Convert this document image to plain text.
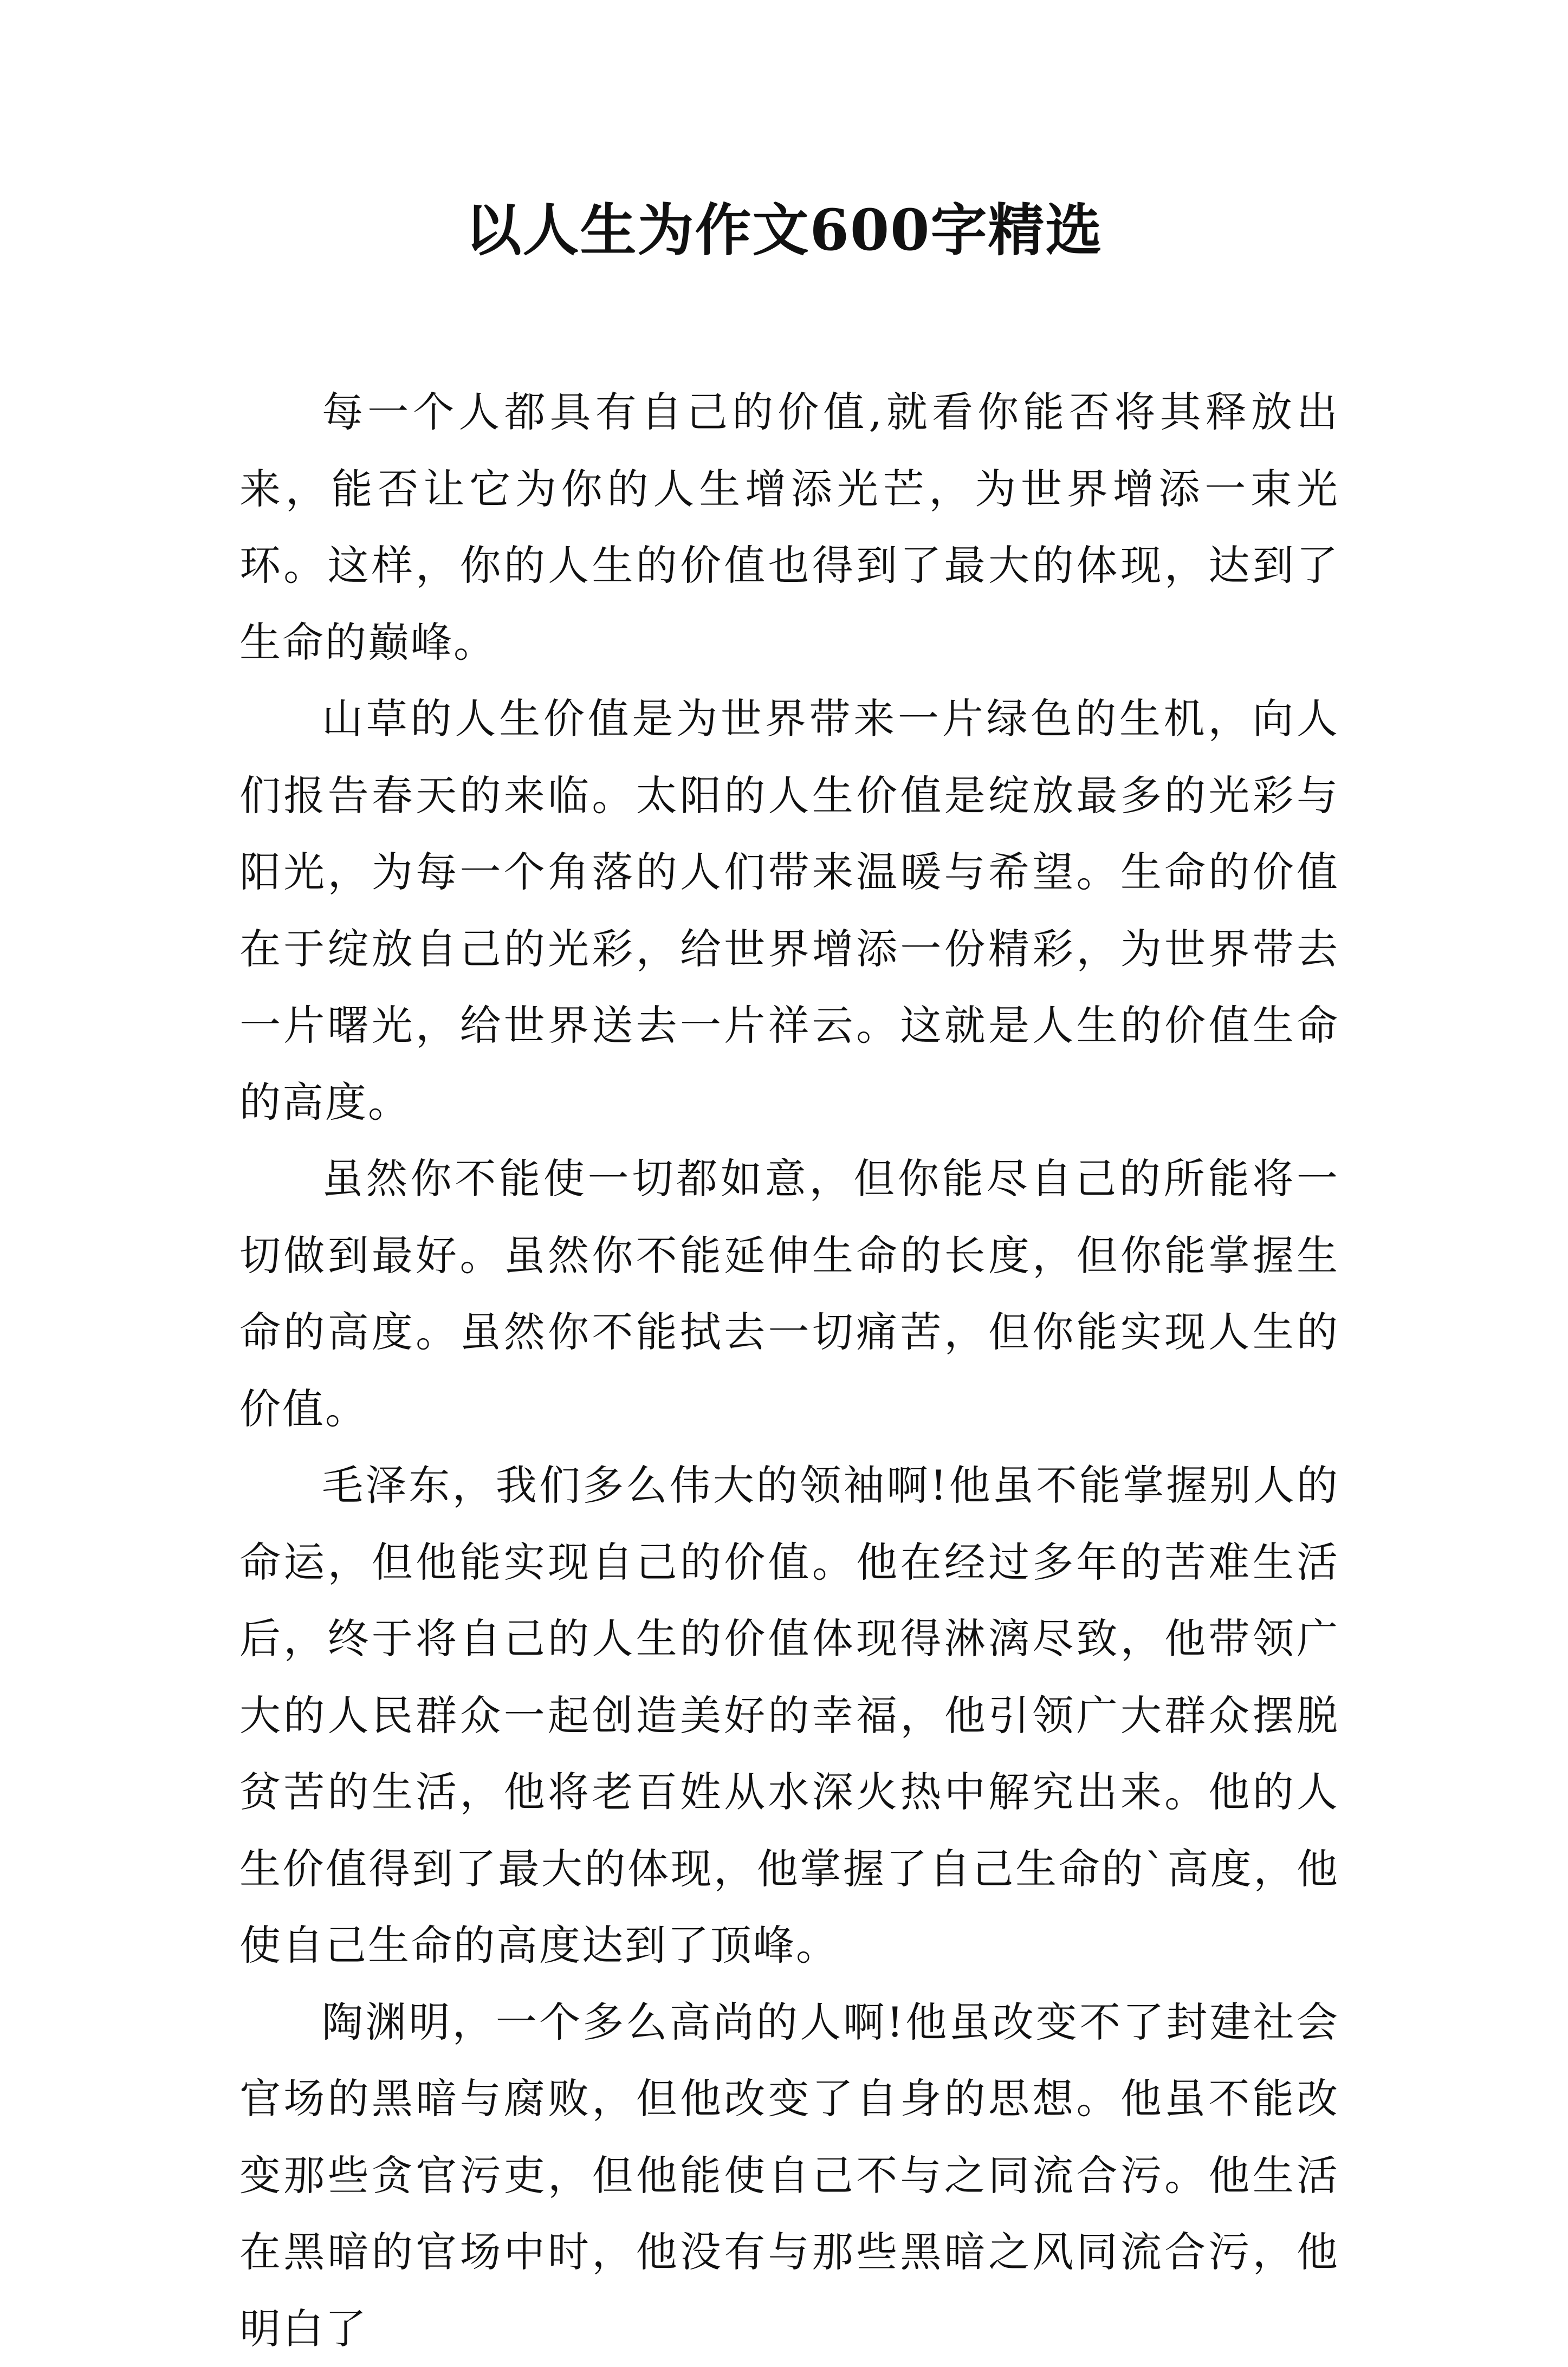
以人生为作文600字精选

每一个人都具有自己的价值,就看你能否将其释放出来，能否让它为你的人生增添光芒，为世界增添一束光环。这样，你的人生的价值也得到了最大的体现，达到了生命的巅峰。

山草的人生价值是为世界带来一片绿色的生机，向人们报告春天的来临。太阳的人生价值是绽放最多的光彩与阳光，为每一个角落的人们带来温暖与希望。生命的价值在于绽放自己的光彩，给世界增添一份精彩，为世界带去一片曙光，给世界送去一片祥云。这就是人生的价值生命的高度。

虽然你不能使一切都如意，但你能尽自己的所能将一切做到最好。虽然你不能延伸生命的长度，但你能掌握生命的高度。虽然你不能拭去一切痛苦，但你能实现人生的价值。

毛泽东，我们多么伟大的领袖啊!他虽不能掌握别人的命运，但他能实现自己的价值。他在经过多年的苦难生活后，终于将自己的人生的价值体现得淋漓尽致，他带领广大的人民群众一起创造美好的幸福，他引领广大群众摆脱贫苦的生活，他将老百姓从水深火热中解究出来。他的人生价值得到了最大的体现，他掌握了自己生命的`高度，他使自己生命的高度达到了顶峰。

陶渊明，一个多么高尚的人啊!他虽改变不了封建社会官场的黑暗与腐败，但他改变了自身的思想。他虽不能改变那些贪官污吏，但他能使自己不与之同流合污。他生活在黑暗的官场中时，他没有与那些黑暗之风同流合污，他明白了
